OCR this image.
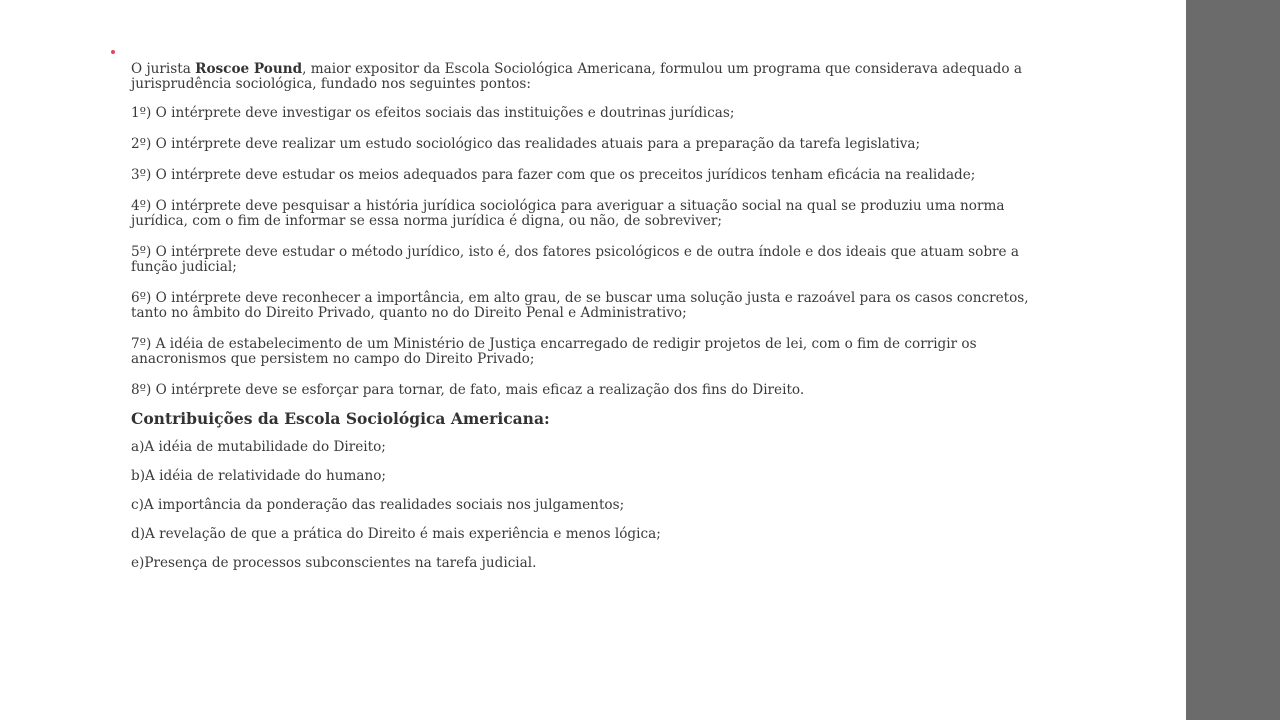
O jurista Roscoe Pound, maior expositor da Escola Sociológica Americana, formulou um programa que considerava adequado a jurisprudência sociológica, fundado nos seguintes pontos:

1º) O intérprete deve investigar os efeitos sociais das instituições e doutrinas jurídicas;

2º) O intérprete deve realizar um estudo sociológico das realidades atuais para a preparação da tarefa legislativa;

3º) O intérprete deve estudar os meios adequados para fazer com que os preceitos jurídicos tenham eficácia na realidade;

4º) O intérprete deve pesquisar a história jurídica sociológica para averiguar a situação social na qual se produziu uma norma jurídica, com o fim de informar se essa norma jurídica é digna, ou não, de sobreviver;

5º) O intérprete deve estudar o método jurídico, isto é, dos fatores psicológicos e de outra índole e dos ideais que atuam sobre a função judicial;

6º) O intérprete deve reconhecer a importância, em alto grau, de se buscar uma solução justa e razoável para os casos concretos, tanto no âmbito do Direito Privado, quanto no do Direito Penal e Administrativo;

7º) A idéia de estabelecimento de um Ministério de Justiça encarregado de redigir projetos de lei, com o fim de corrigir os anacronismos que persistem no campo do Direito Privado;

8º) O intérprete deve se esforçar para tornar, de fato, mais eficaz a realização dos fins do Direito.

Contribuições da Escola Sociológica Americana:

a)A idéia de mutabilidade do Direito;

b)A idéia de relatividade do humano;

c)A importância da ponderação das realidades sociais nos julgamentos;

d)A revelação de que a prática do Direito é mais experiência e menos lógica;

e)Presença de processos subconscientes na tarefa judicial.
